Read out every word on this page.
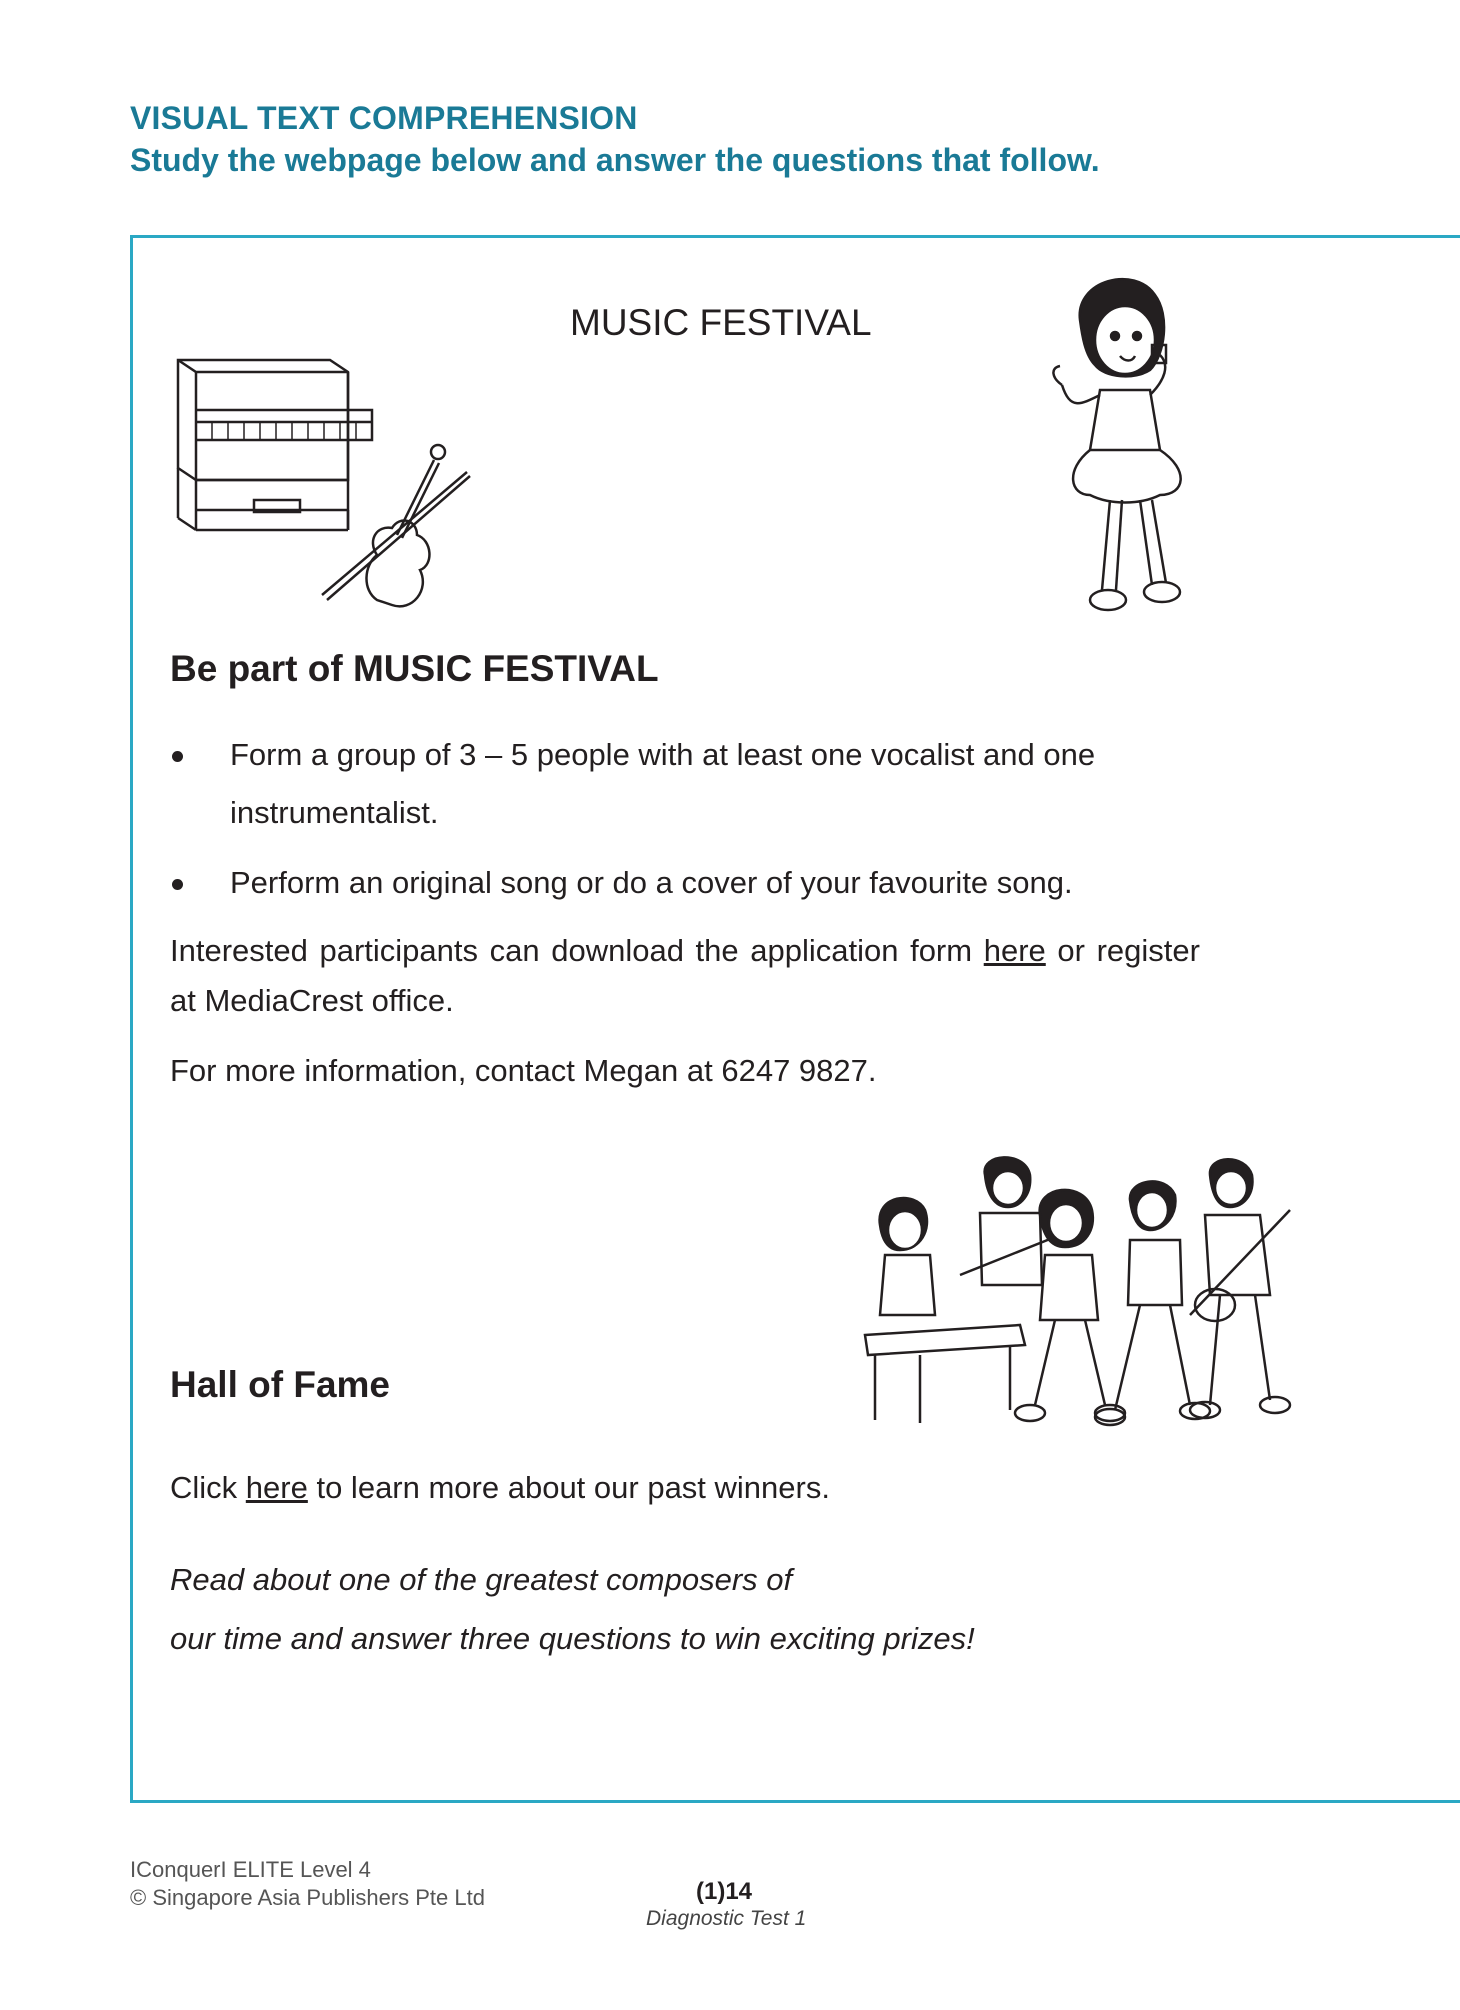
VISUAL TEXT COMPREHENSION
Study the webpage below and answer the questions that follow.
MUSIC FESTIVAL
Be part of MUSIC FESTIVAL
Form a group of 3 – 5 people with at least one vocalist and one
instrumentalist.
Perform an original song or do a cover of your favourite song.
Interested participants can download the application form here or register
at MediaCrest office.
For more information, contact Megan at 6247 9827.
Hall of Fame
Click here to learn more about our past winners.
Read about one of the greatest composers of
our time and answer three questions to win exciting prizes!
IConquerI ELITE Level 4
© Singapore Asia Publishers Pte Ltd	(1)14
Diagnostic Test 1
